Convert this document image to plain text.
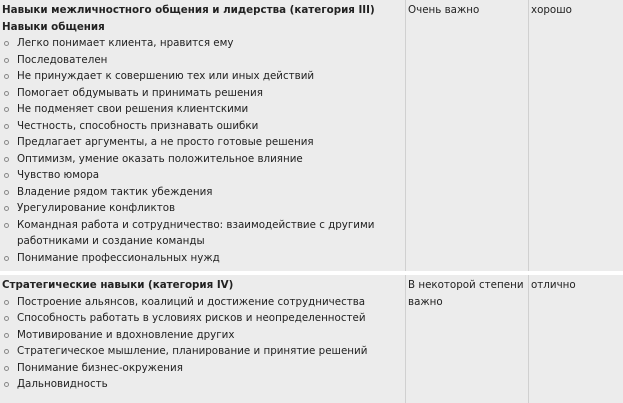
Навыки межличностного общения и лидерства (категория III) Навыки общения
Легко понимает клиента, нравится ему
Последователен
Не принуждает к совершению тех или иных действий
Помогает обдумывать и принимать решения
Не подменяет свои решения клиентскими
Честность, способность признавать ошибки
Предлагает аргументы, а не просто готовые решения
Оптимизм, умение оказать положительное влияние
Чувство юмора
Владение рядом тактик убеждения
Урегулирование конфликтов
Командная работа и сотрудничество: взаимодействие с другими работниками и создание команды
Понимание профессиональных нужд
Очень важно	хорошо
Стратегические навыки (категория IV)
Построение альянсов, коалиций и достижение сотрудничества
Способность работать в условиях рисков и неопределенностей
Мотивирование и вдохновление других
Стратегическое мышление, планирование и принятие решений
Понимание бизнес-окружения
Дальновидность
В некоторой степени важно
отлично
